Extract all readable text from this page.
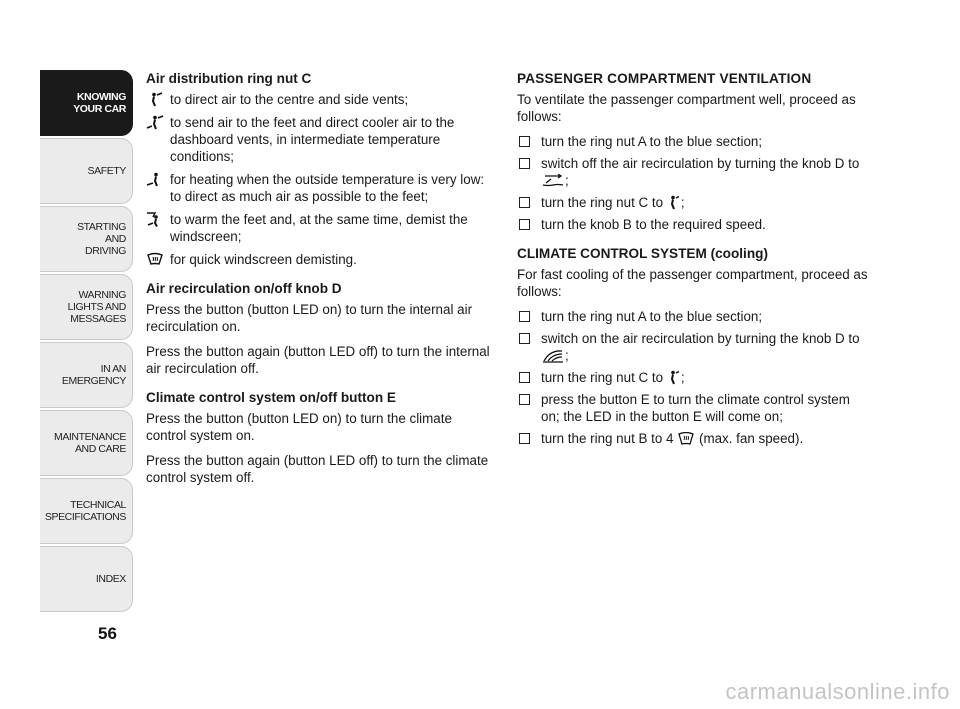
KNOWING
YOUR CAR
SAFETY
STARTING
AND
DRIVING
WARNING
LIGHTS AND
MESSAGES
IN AN
EMERGENCY
MAINTENANCE
AND CARE
TECHNICAL
SPECIFICATIONS
INDEX
56
Air distribution ring nut C
to direct air to the centre and side vents;
to send air to the feet and direct cooler air to the dashboard vents, in intermediate temperature conditions;
for heating when the outside temperature is very low: to direct as much air as possible to the feet;
to warm the feet and, at the same time, demist the windscreen;
for quick windscreen demisting.
Air recirculation on/off knob D

Press the button (button LED on) to turn the internal air recirculation on.

Press the button again (button LED off) to turn the internal air recirculation off.

Climate control system on/off button E

Press the button (button LED on) to turn the climate control system on.

Press the button again (button LED off) to turn the climate control system off.

PASSENGER COMPARTMENT VENTILATION

To ventilate the passenger compartment well, proceed as follows:

turn the ring nut A to the blue section;
switch off the air recirculation by turning the knob D to ;
turn the ring nut C to ;
turn the knob B to the required speed.
CLIMATE CONTROL SYSTEM (cooling)

For fast cooling of the passenger compartment, proceed as follows:

turn the ring nut A to the blue section;
switch on the air recirculation by turning the knob D to ;
turn the ring nut C to ;
press the button E to turn the climate control system on; the LED in the button E will come on;
turn the ring nut B to 4 (max. fan speed).
carmanualsonline.info
